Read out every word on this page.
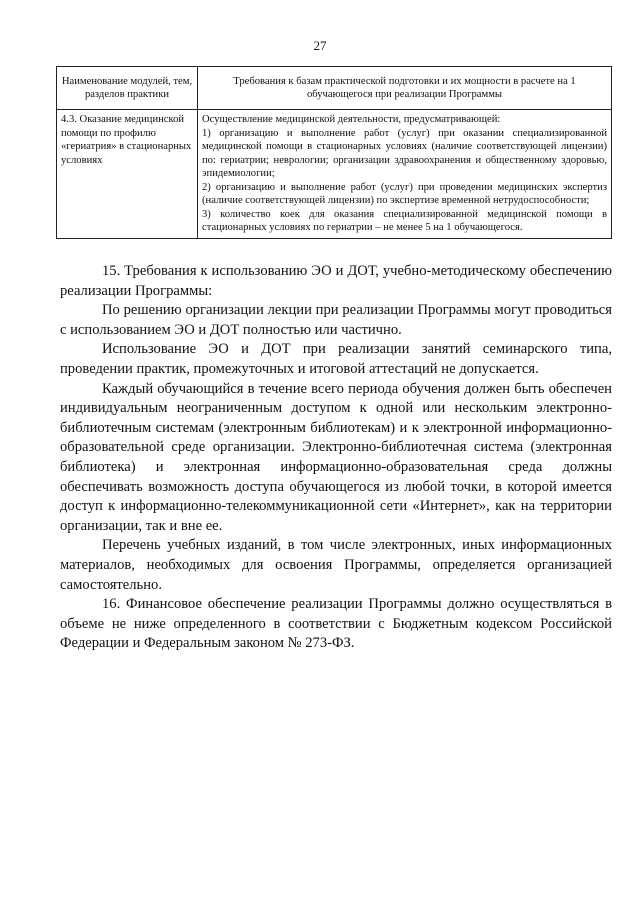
27
Наименование модулей, тем, разделов практики	Требования к базам практической подготовки и их мощности в расчете на 1 обучающегося при реализации Программы
4.3. Оказание медицинской помощи по профилю «гериатрия» в стационарных условиях	Осуществление медицинской деятельности, предусматривающей:
1) организацию и выполнение работ (услуг) при оказании специализированной медицинской помощи в стационарных условиях (наличие соответствующей лицензии) по: гериатрии; неврологии; организации здравоохранения и общественному здоровью, эпидемиологии;
2) организацию и выполнение работ (услуг) при проведении медицинских экспертиз (наличие соответствующей лицензии) по экспертизе временной нетрудоспособности;
3) количество коек для оказания специализированной медицинской помощи в стационарных условиях по гериатрии – не менее 5 на 1 обучающегося.

15. Требования к использованию ЭО и ДОТ, учебно-методическому обеспечению реализации Программы:

По решению организации лекции при реализации Программы могут проводиться с использованием ЭО и ДОТ полностью или частично.

Использование ЭО и ДОТ при реализации занятий семинарского типа, проведении практик, промежуточных и итоговой аттестаций не допускается.

Каждый обучающийся в течение всего периода обучения должен быть обеспечен индивидуальным неограниченным доступом к одной или нескольким электронно-библиотечным системам (электронным библиотекам) и к электронной информационно-образовательной среде организации. Электронно-библиотечная система (электронная библиотека) и электронная информационно-образовательная среда должны обеспечивать возможность доступа обучающегося из любой точки, в которой имеется доступ к информационно-телекоммуникационной сети «Интернет», как на территории организации, так и вне ее.

Перечень учебных изданий, в том числе электронных, иных информационных материалов, необходимых для освоения Программы, определяется организацией самостоятельно.

16. Финансовое обеспечение реализации Программы должно осуществляться в объеме не ниже определенного в соответствии с Бюджетным кодексом Российской Федерации и Федеральным законом № 273-ФЗ.
